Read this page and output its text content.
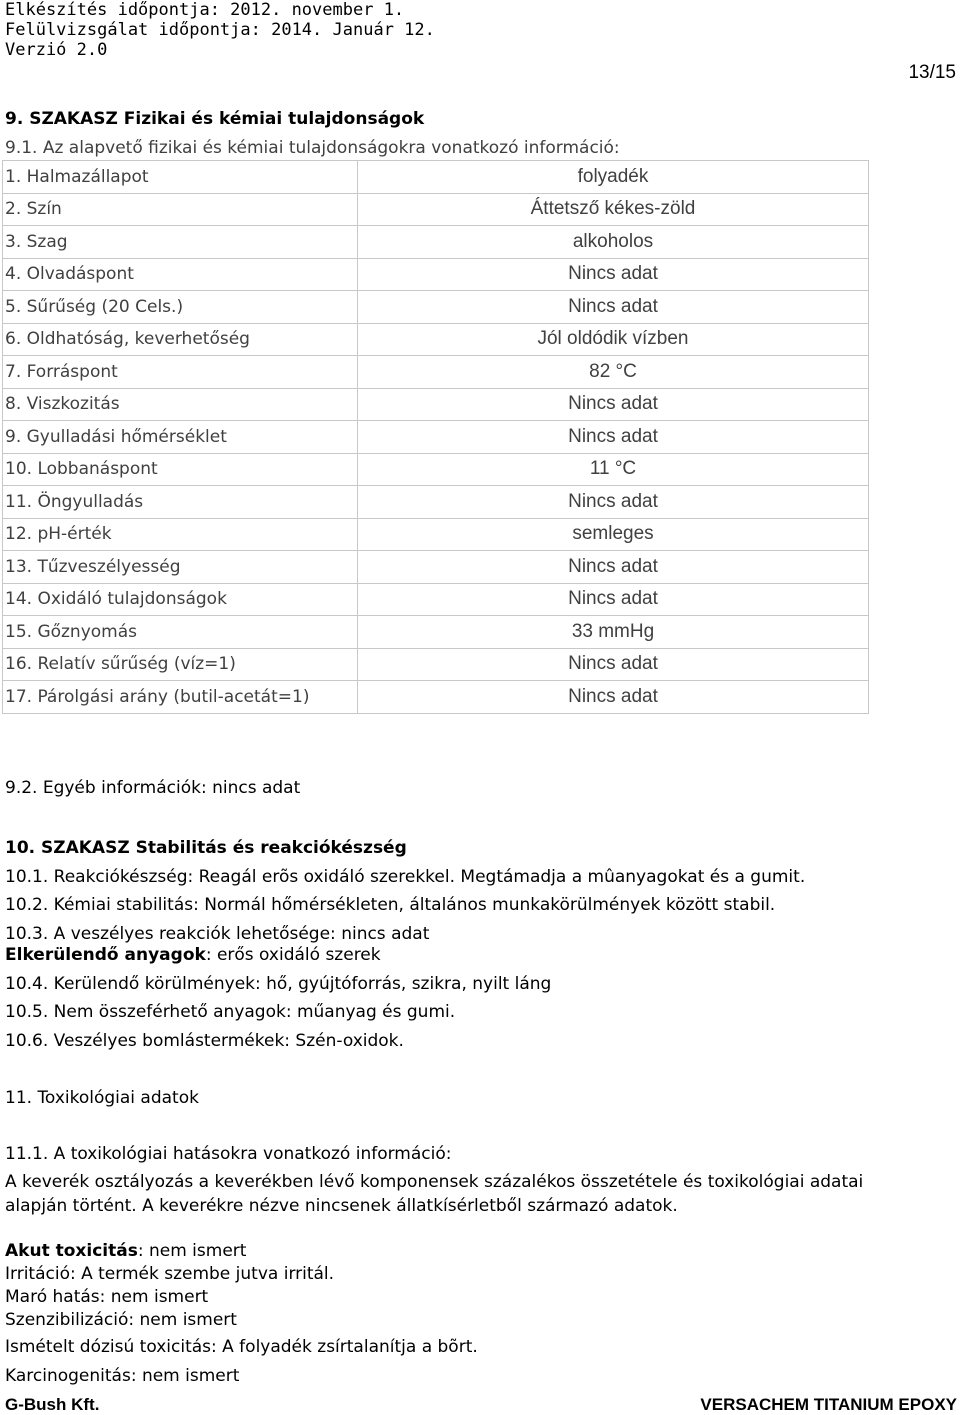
Elkészítés időpontja: 2012. november 1.
Felülvizsgálat időpontja: 2014. Január 12.
Verzió 2.0
13/15
9. SZAKASZ Fizikai és kémiai tulajdonságok
9.1. Az alapvető fizikai és kémiai tulajdonságokra vonatkozó információ:
1. Halmazállapot	folyadék
2. Szín	Áttetsző kékes-zöld
3. Szag	alkoholos
4. Olvadáspont	Nincs adat
5. Sűrűség (20 Cels.)	Nincs adat
6. Oldhatóság, keverhetőség	Jól oldódik vízben
7. Forráspont	82 °C
8. Viszkozitás	Nincs adat
9. Gyulladási hőmérséklet	Nincs adat
10. Lobbanáspont	11 °C
11. Öngyulladás	Nincs adat
12. pH-érték	semleges
13. Tűzveszélyesség	Nincs adat
14. Oxidáló tulajdonságok	Nincs adat
15. Gőznyomás	33 mmHg
16. Relatív sűrűség (víz=1)	Nincs adat
17. Párolgási arány (butil-acetát=1)	Nincs adat
9.2. Egyéb információk: nincs adat
10. SZAKASZ Stabilitás és reakciókészség
10.1. Reakciókészség: Reagál erõs oxidáló szerekkel. Megtámadja a mûanyagokat és a gumit.
10.2. Kémiai stabilitás: Normál hőmérsékleten, általános munkakörülmények között stabil.
10.3. A veszélyes reakciók lehetősége: nincs adat
Elkerülendő anyagok: erős oxidáló szerek
10.4. Kerülendő körülmények: hő, gyújtóforrás, szikra, nyilt láng
10.5. Nem összeférhető anyagok: műanyag és gumi.
10.6. Veszélyes bomlástermékek: Szén-oxidok.
11. Toxikológiai adatok
11.1. A toxikológiai hatásokra vonatkozó információ:
A keverék osztályozás a keverékben lévő komponensek százalékos összetétele és toxikológiai adatai
alapján történt. A keverékre nézve nincsenek állatkísérletből származó adatok.
Akut toxicitás: nem ismert
Irritáció: A termék szembe jutva irritál.
Maró hatás: nem ismert
Szenzibilizáció: nem ismert
Ismételt dózisú toxicitás: A folyadék zsírtalanítja a bõrt.
Karcinogenitás: nem ismert
G-Bush Kft.	VERSACHEM TITANIUM EPOXY
